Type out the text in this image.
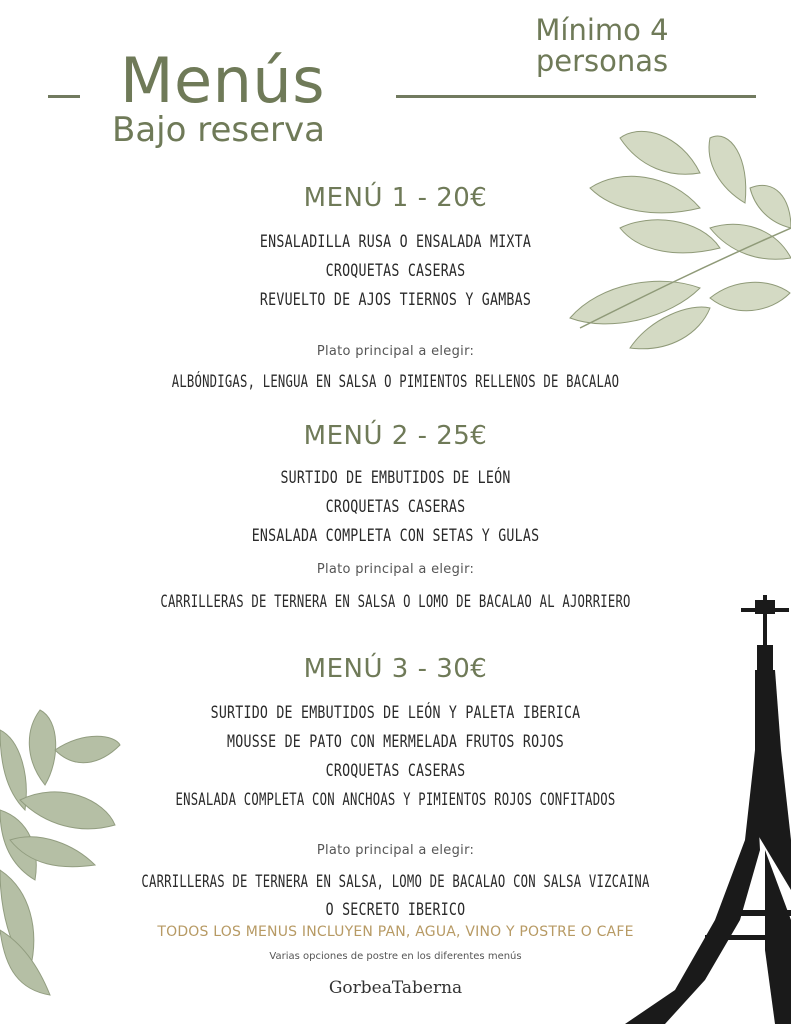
Menús
Bajo reserva
Mínimo 4
personas
MENÚ 1 - 20€
ENSALADILLA RUSA O ENSALADA MIXTA
CROQUETAS CASERAS
REVUELTO DE AJOS TIERNOS Y GAMBAS
Plato principal a elegir:
ALBÓNDIGAS, LENGUA EN SALSA O PIMIENTOS RELLENOS DE BACALAO
MENÚ 2 - 25€
SURTIDO DE EMBUTIDOS DE LEÓN
CROQUETAS CASERAS
ENSALADA COMPLETA CON SETAS Y GULAS
Plato principal a elegir:
CARRILLERAS DE TERNERA EN SALSA O LOMO DE BACALAO AL AJORRIERO
MENÚ 3 - 30€
SURTIDO DE EMBUTIDOS DE LEÓN Y PALETA IBERICA
MOUSSE DE PATO CON MERMELADA FRUTOS ROJOS
CROQUETAS CASERAS
ENSALADA COMPLETA CON ANCHOAS Y PIMIENTOS ROJOS CONFITADOS
Plato principal a elegir:
CARRILLERAS DE TERNERA EN SALSA, LOMO DE BACALAO CON SALSA VIZCAINA
O SECRETO IBERICO
TODOS LOS MENUS INCLUYEN PAN, AGUA, VINO Y POSTRE O CAFE
Varias opciones de postre en los diferentes menús
GorbeaTaberna
